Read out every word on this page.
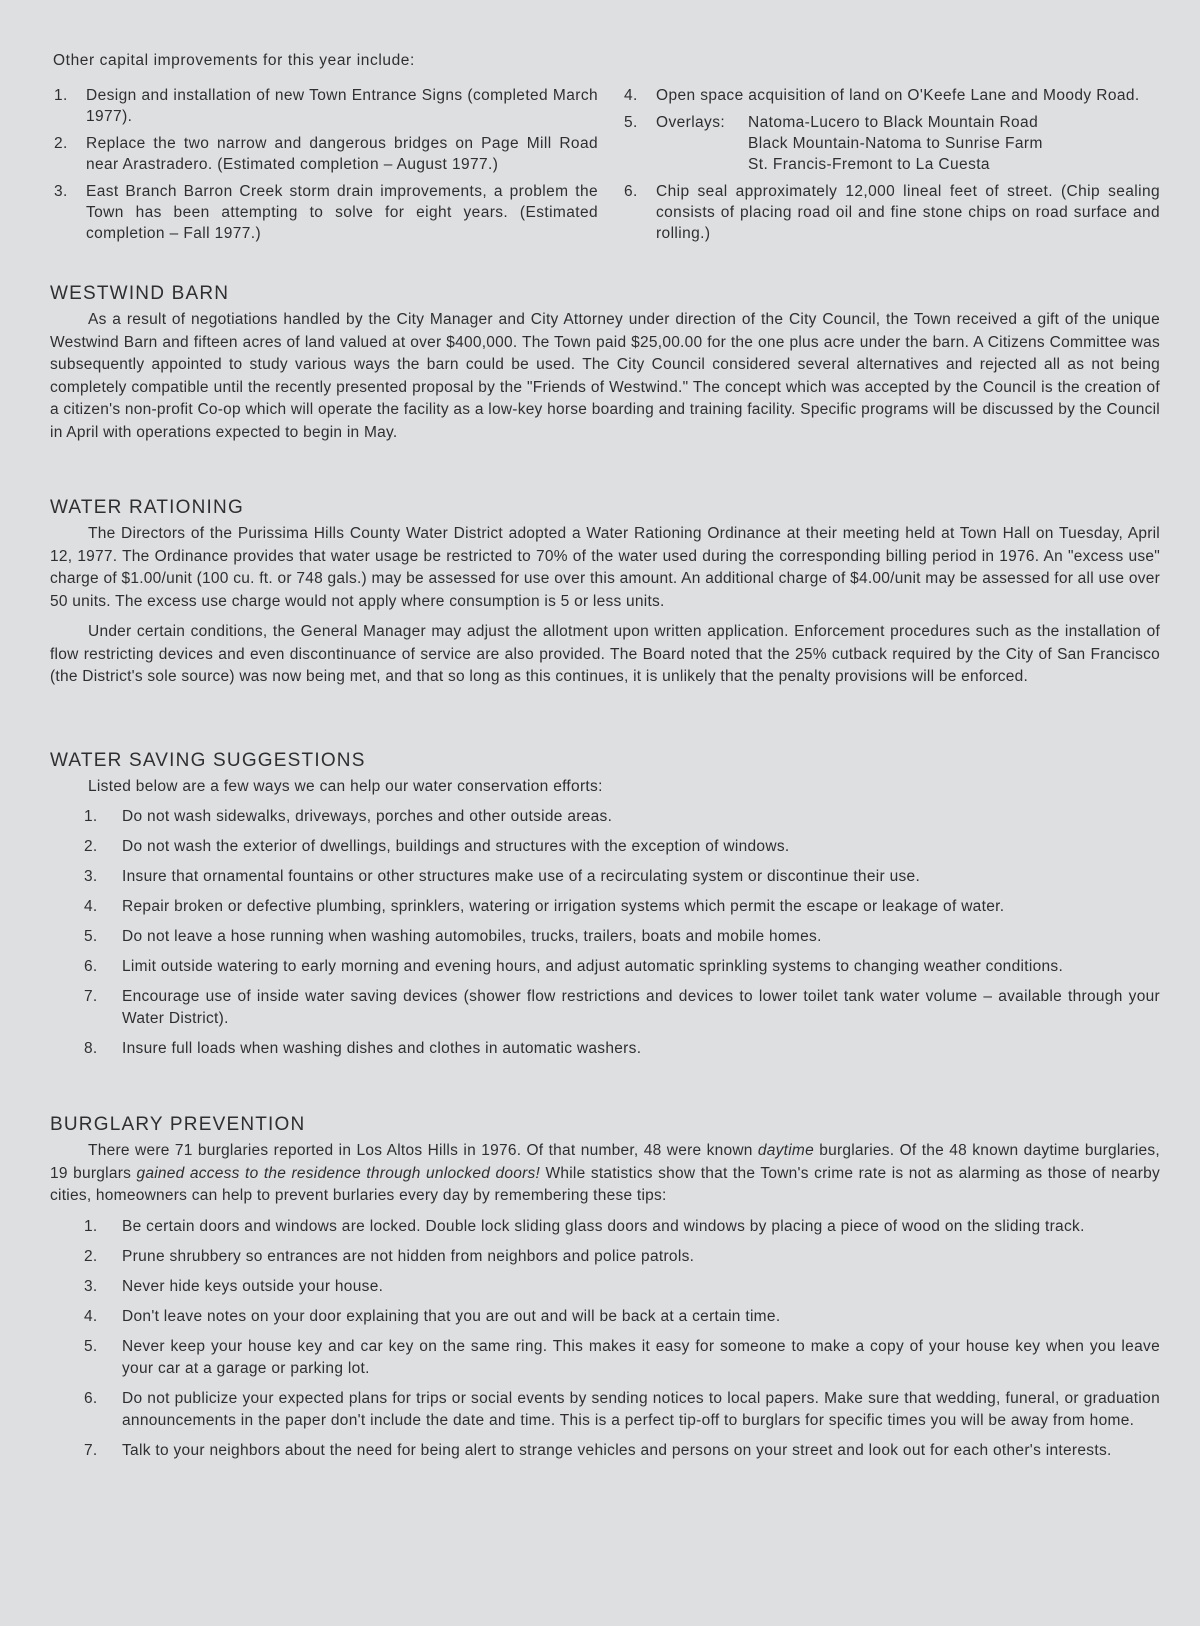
Other capital improvements for this year include:
1. Design and installation of new Town Entrance Signs (completed March 1977).
2. Replace the two narrow and dangerous bridges on Page Mill Road near Arastradero. (Estimated completion – August 1977.)
3. East Branch Barron Creek storm drain improvements, a problem the Town has been attempting to solve for eight years. (Estimated completion – Fall 1977.)
4. Open space acquisition of land on O'Keefe Lane and Moody Road.
5. Overlays:	Natoma-Lucero to Black Mountain Road
Black Mountain-Natoma to Sunrise Farm
St. Francis-Fremont to La Cuesta
6. Chip seal approximately 12,000 lineal feet of street. (Chip sealing consists of placing road oil and fine stone chips on road surface and rolling.)
WESTWIND BARN

As a result of negotiations handled by the City Manager and City Attorney under direction of the City Council, the Town received a gift of the unique Westwind Barn and fifteen acres of land valued at over $400,000. The Town paid $25,00.00 for the one plus acre under the barn. A Citizens Committee was subsequently appointed to study various ways the barn could be used. The City Council considered several alternatives and rejected all as not being completely compatible until the recently presented proposal by the "Friends of Westwind." The concept which was accepted by the Council is the creation of a citizen's non-profit Co-op which will operate the facility as a low-key horse boarding and training facility. Specific programs will be discussed by the Council in April with operations expected to begin in May.

WATER RATIONING

The Directors of the Purissima Hills County Water District adopted a Water Rationing Ordinance at their meeting held at Town Hall on Tuesday, April 12, 1977. The Ordinance provides that water usage be restricted to 70% of the water used during the corresponding billing period in 1976. An "excess use" charge of $1.00/unit (100 cu. ft. or 748 gals.) may be assessed for use over this amount. An additional charge of $4.00/unit may be assessed for all use over 50 units. The excess use charge would not apply where consumption is 5 or less units.

Under certain conditions, the General Manager may adjust the allotment upon written application. Enforcement procedures such as the installation of flow restricting devices and even discontinuance of service are also provided. The Board noted that the 25% cutback required by the City of San Francisco (the District's sole source) was now being met, and that so long as this continues, it is unlikely that the penalty provisions will be enforced.

WATER SAVING SUGGESTIONS
Listed below are a few ways we can help our water conservation efforts:
1. Do not wash sidewalks, driveways, porches and other outside areas.
2. Do not wash the exterior of dwellings, buildings and structures with the exception of windows.
3. Insure that ornamental fountains or other structures make use of a recirculating system or discontinue their use.
4. Repair broken or defective plumbing, sprinklers, watering or irrigation systems which permit the escape or leakage of water.
5. Do not leave a hose running when washing automobiles, trucks, trailers, boats and mobile homes.
6. Limit outside watering to early morning and evening hours, and adjust automatic sprinkling systems to changing weather conditions.
7. Encourage use of inside water saving devices (shower flow restrictions and devices to lower toilet tank water volume – available through your Water District).
8. Insure full loads when washing dishes and clothes in automatic washers.
BURGLARY PREVENTION

There were 71 burglaries reported in Los Altos Hills in 1976. Of that number, 48 were known daytime burglaries. Of the 48 known daytime burglaries, 19 burglars gained access to the residence through unlocked doors! While statistics show that the Town's crime rate is not as alarming as those of nearby cities, homeowners can help to prevent burlaries every day by remembering these tips:

1. Be certain doors and windows are locked. Double lock sliding glass doors and windows by placing a piece of wood on the sliding track.
2. Prune shrubbery so entrances are not hidden from neighbors and police patrols.
3. Never hide keys outside your house.
4. Don't leave notes on your door explaining that you are out and will be back at a certain time.
5. Never keep your house key and car key on the same ring. This makes it easy for someone to make a copy of your house key when you leave your car at a garage or parking lot.
6. Do not publicize your expected plans for trips or social events by sending notices to local papers. Make sure that wedding, funeral, or graduation announcements in the paper don't include the date and time. This is a perfect tip-off to burglars for specific times you will be away from home.
7. Talk to your neighbors about the need for being alert to strange vehicles and persons on your street and look out for each other's interests.
